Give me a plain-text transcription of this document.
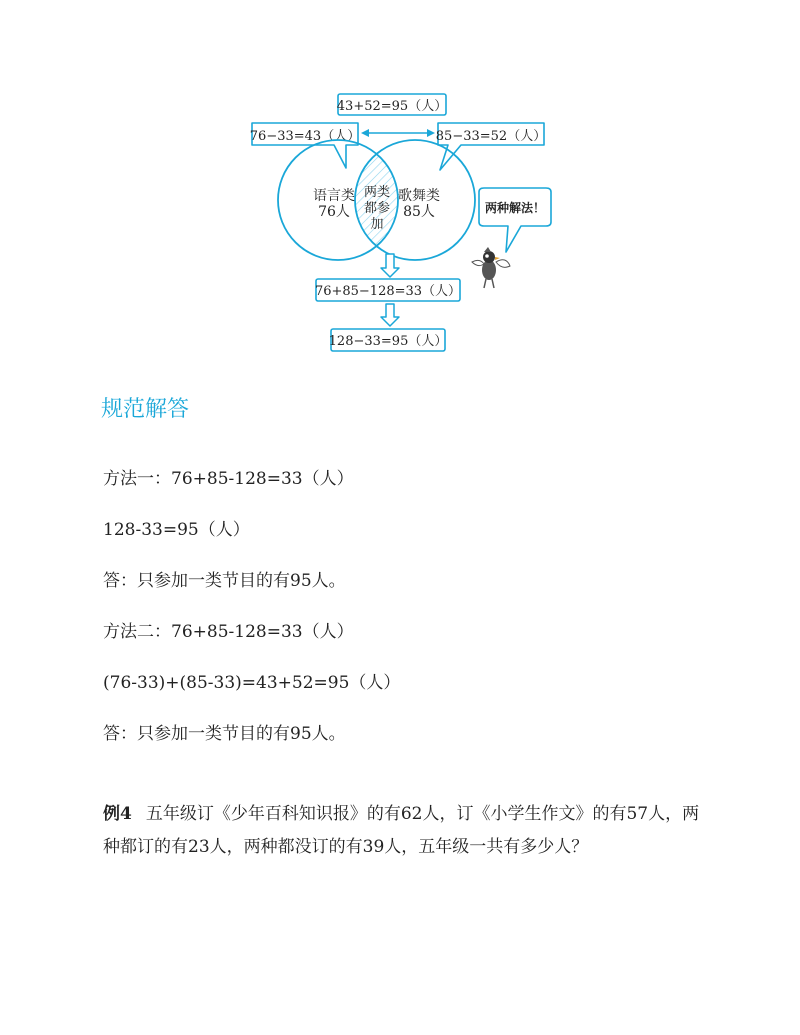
43+52=95（人）
76−33=43（人）	85−33=52（人）
语言类
76人
歌舞类
85人
两类
都参
加
76+85−128=33（人）
128−33=95（人）
两种解法！
规范解答

方法一：76+85-128=33（人）

128-33=95（人）

答：只参加一类节目的有95人。

方法二：76+85-128=33（人）

(76-33)+(85-33)=43+52=95（人）

答：只参加一类节目的有95人。

例4 五年级订《少年百科知识报》的有62人，订《小学生作文》的有57人，两种都订的有23人，两种都没订的有39人，五年级一共有多少人？
